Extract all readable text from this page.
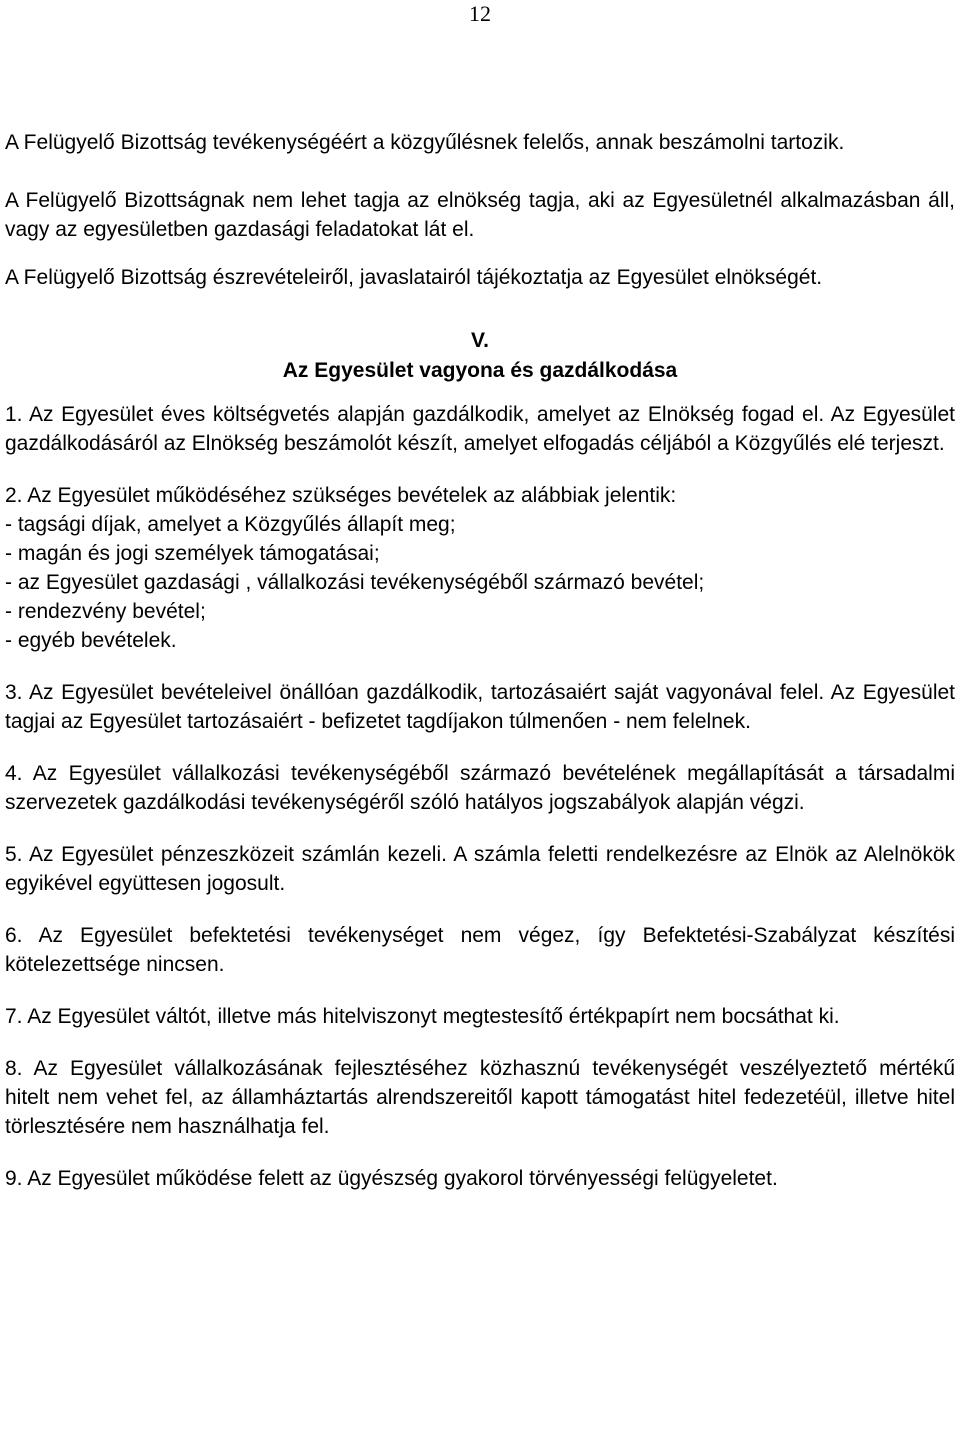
12

A Felügyelő Bizottság tevékenységéért a közgyűlésnek felelős, annak beszámolni tartozik.

A Felügyelő Bizottságnak nem lehet tagja az elnökség tagja, aki az Egyesületnél alkalmazásban áll, vagy az egyesületben gazdasági feladatokat lát el.

A Felügyelő Bizottság észrevételeiről, javaslatairól tájékoztatja az Egyesület elnökségét.

V.
Az Egyesület vagyona és gazdálkodása

1. Az Egyesület éves költségvetés alapján gazdálkodik, amelyet az Elnökség fogad el. Az Egyesület gazdálkodásáról az Elnökség beszámolót készít, amelyet elfogadás céljából a Közgyűlés elé terjeszt.

2. Az Egyesület működéséhez szükséges bevételek az alábbiak jelentik:
- tagsági díjak, amelyet a Közgyűlés állapít meg;
- magán és jogi személyek támogatásai;
- az Egyesület gazdasági , vállalkozási tevékenységéből származó bevétel;
- rendezvény bevétel;
- egyéb bevételek.

3. Az Egyesület bevételeivel önállóan gazdálkodik, tartozásaiért saját vagyonával felel. Az Egyesület tagjai az Egyesület tartozásaiért - befizetet tagdíjakon túlmenően - nem felelnek.

4. Az Egyesület vállalkozási tevékenységéből származó bevételének megállapítását a társadalmi szervezetek gazdálkodási tevékenységéről szóló hatályos jogszabályok alapján végzi.

5. Az Egyesület pénzeszközeit számlán kezeli. A számla feletti rendelkezésre az Elnök az Alelnökök egyikével együttesen jogosult.

6. Az Egyesület befektetési tevékenységet nem végez, így Befektetési-Szabályzat készítési kötelezettsége nincsen.

7. Az Egyesület váltót, illetve más hitelviszonyt megtestesítő értékpapírt nem bocsáthat ki.

8. Az Egyesület vállalkozásának fejlesztéséhez közhasznú tevékenységét veszélyeztető mértékű hitelt nem vehet fel, az államháztartás alrendszereitől kapott támogatást hitel fedezetéül, illetve hitel törlesztésére nem használhatja fel.

9. Az Egyesület működése felett az ügyészség gyakorol törvényességi felügyeletet.
